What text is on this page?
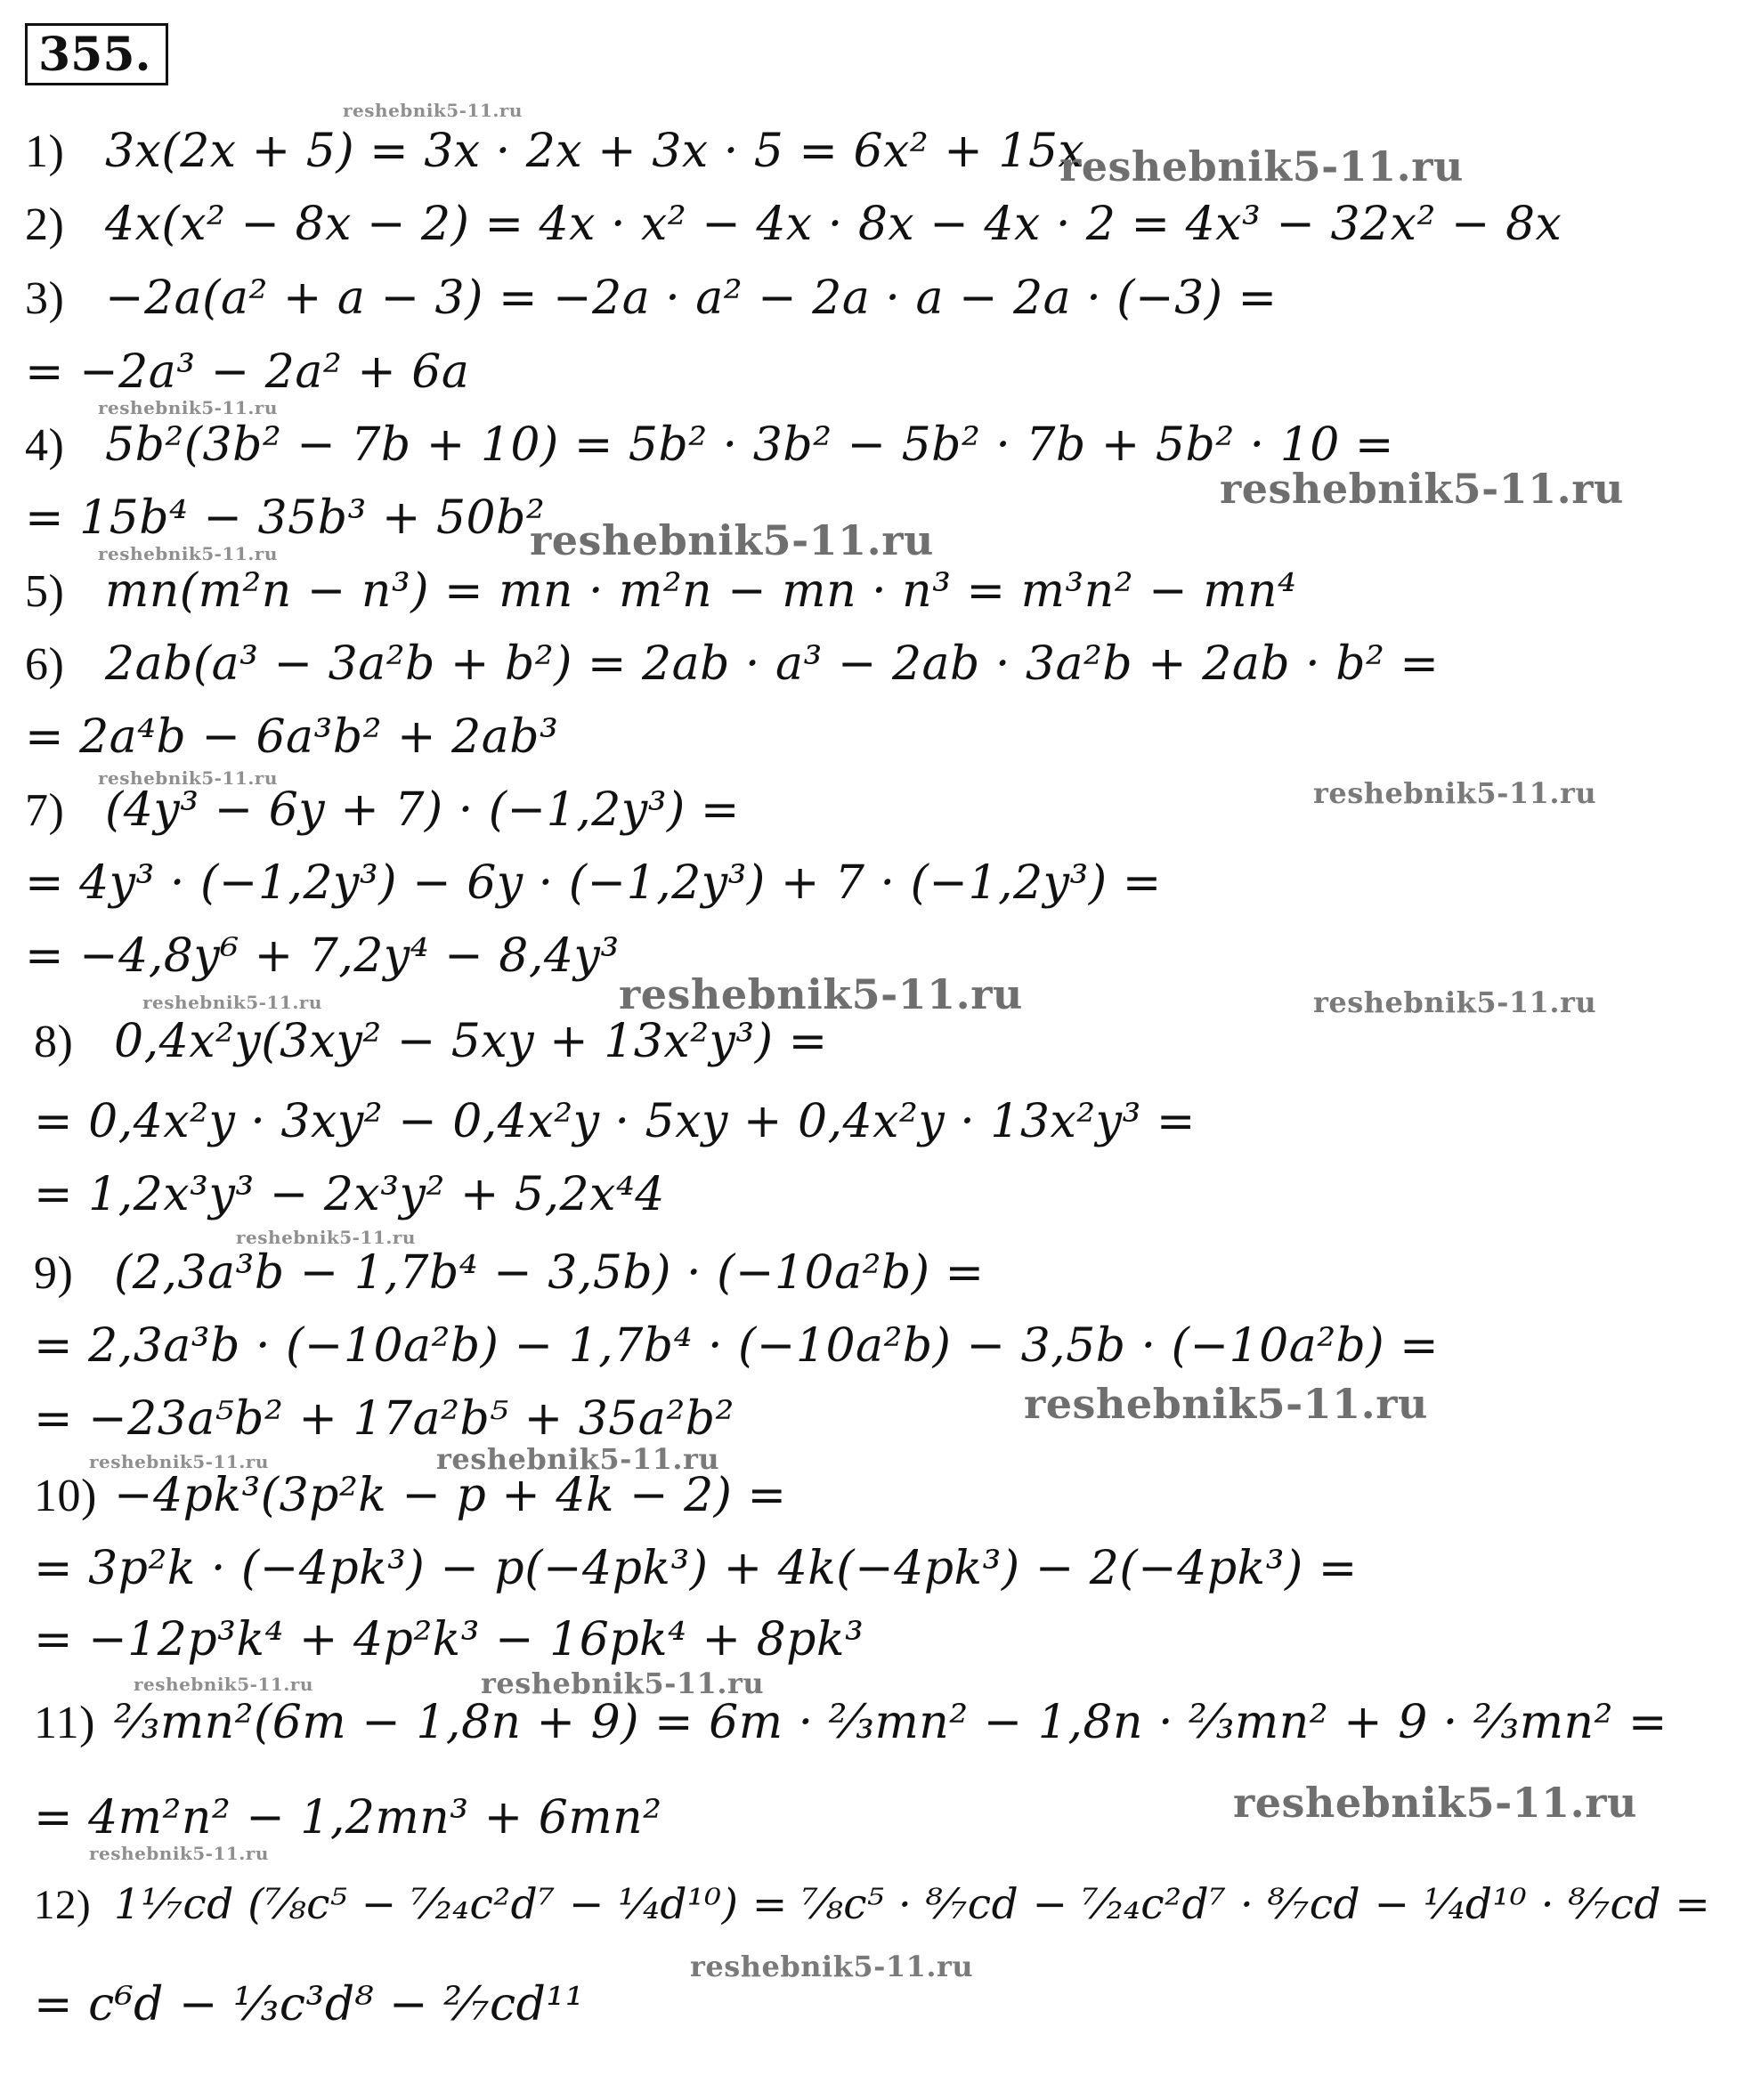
355.
1) 3x(2x + 5) = 3x · 2x + 3x · 5 = 6x² + 15x
2) 4x(x² − 8x − 2) = 4x · x² − 4x · 8x − 4x · 2 = 4x³ − 32x² − 8x
3) −2a(a² + a − 3) = −2a · a² − 2a · a − 2a · (−3) =
= −2a³ − 2a² + 6a
4) 5b²(3b² − 7b + 10) = 5b² · 3b² − 5b² · 7b + 5b² · 10 =
= 15b⁴ − 35b³ + 50b²
5) mn(m²n − n³) = mn · m²n − mn · n³ = m³n² − mn⁴
6) 2ab(a³ − 3a²b + b²) = 2ab · a³ − 2ab · 3a²b + 2ab · b² =
= 2a⁴b − 6a³b² + 2ab³
7) (4y³ − 6y + 7) · (−1,2y³) =
= 4y³ · (−1,2y³) − 6y · (−1,2y³) + 7 · (−1,2y³) =
= −4,8y⁶ + 7,2y⁴ − 8,4y³
8) 0,4x²y(3xy² − 5xy + 13x²y³) =
= 0,4x²y · 3xy² − 0,4x²y · 5xy + 0,4x²y · 13x²y³ =
= 1,2x³y³ − 2x³y² + 5,2x⁴4
9) (2,3a³b − 1,7b⁴ − 3,5b) · (−10a²b) =
= 2,3a³b · (−10a²b) − 1,7b⁴ · (−10a²b) − 3,5b · (−10a²b) =
= −23a⁵b² + 17a²b⁵ + 35a²b²
10) −4pk³(3p²k − p + 4k − 2) =
= 3p²k · (−4pk³) − p(−4pk³) + 4k(−4pk³) − 2(−4pk³) =
= −12p³k⁴ + 4p²k³ − 16pk⁴ + 8pk³
11) ²⁄₃mn²(6m − 1,8n + 9) = 6m · ²⁄₃mn² − 1,8n · ²⁄₃mn² + 9 · ²⁄₃mn² =
= 4m²n² − 1,2mn³ + 6mn²
12) 1¹⁄₇cd (⁷⁄₈c⁵ − ⁷⁄₂₄c²d⁷ − ¹⁄₄d¹⁰) = ⁷⁄₈c⁵ · ⁸⁄₇cd − ⁷⁄₂₄c²d⁷ · ⁸⁄₇cd − ¹⁄₄d¹⁰ · ⁸⁄₇cd =
= c⁶d − ¹⁄₃c³d⁸ − ²⁄₇cd¹¹
reshebnik5-11.ru
reshebnik5-11.ru
reshebnik5-11.ru
reshebnik5-11.ru
reshebnik5-11.ru
reshebnik5-11.ru
reshebnik5-11.ru	reshebnik5-11.ru
reshebnik5-11.ru	reshebnik5-11.ru	reshebnik5-11.ru
reshebnik5-11.ru
reshebnik5-11.ru
reshebnik5-11.ru	reshebnik5-11.ru
reshebnik5-11.ru	reshebnik5-11.ru
reshebnik5-11.ru
reshebnik5-11.ru
reshebnik5-11.ru
